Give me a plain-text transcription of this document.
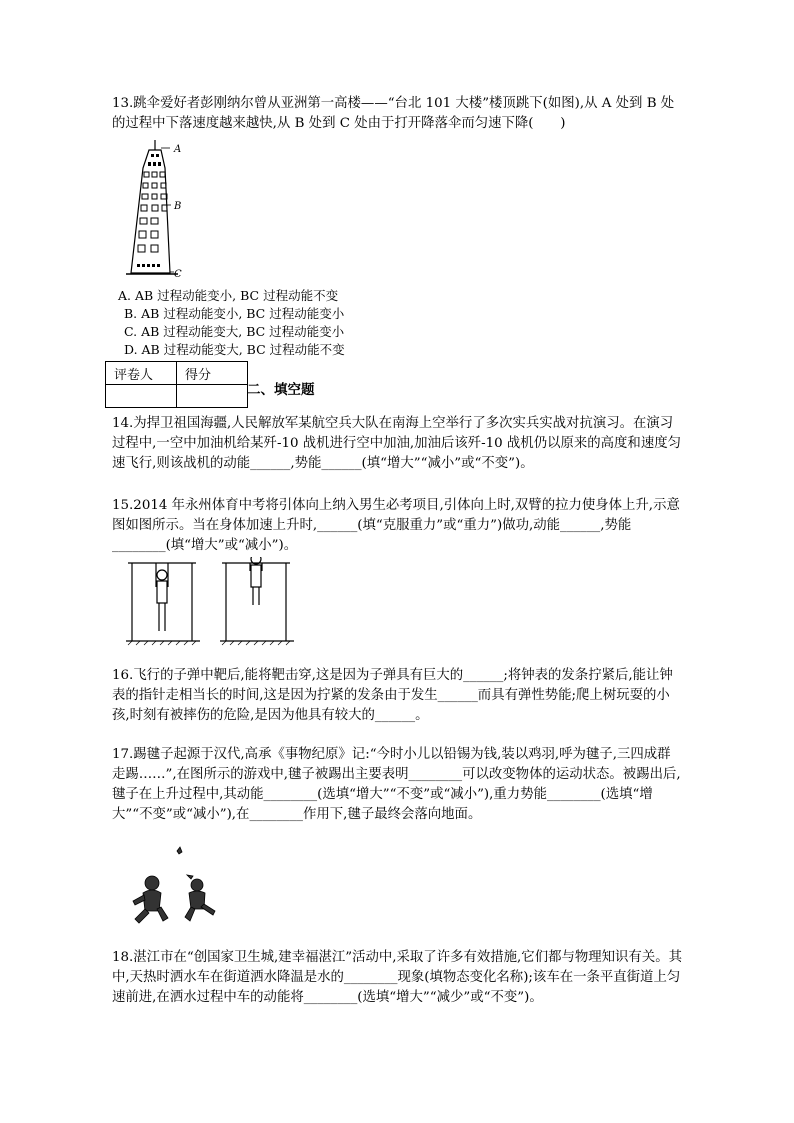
13.跳伞爱好者彭刚纳尔曾从亚洲第一高楼——“台北 101 大楼”楼顶跳下(如图),从 A 处到 B 处的过程中下落速度越来越快,从 B 处到 C 处由于打开降落伞而匀速下降(　　)

A
B
C
A. AB 过程动能变小, BC 过程动能不变
B. AB 过程动能变小, BC 过程动能变小
C. AB 过程动能变大, BC 过程动能变小
D. AB 过程动能变大, BC 过程动能不变
评卷人	得分

二、填空题

14.为捍卫祖国海疆,人民解放军某航空兵大队在南海上空举行了多次实兵实战对抗演习。在演习过程中,一空中加油机给某歼-10 战机进行空中加油,加油后该歼-10 战机仍以原来的高度和速度匀速飞行,则该战机的动能______,势能______(填“增大”“减小”或“不变”)。

15.2014 年永州体育中考将引体向上纳入男生必考项目,引体向上时,双臂的拉力使身体上升,示意图如图所示。当在身体加速上升时,______(填“克服重力”或“重力”)做功,动能______,势能________(填“增大”或“减小”)。

16.飞行的子弹中靶后,能将靶击穿,这是因为子弹具有巨大的______;将钟表的发条拧紧后,能让钟表的指针走相当长的时间,这是因为拧紧的发条由于发生______而具有弹性势能;爬上树玩耍的小孩,时刻有被摔伤的危险,是因为他具有较大的______。

17.踢毽子起源于汉代,高承《事物纪原》记:“今时小儿以铅锡为钱,装以鸡羽,呼为毽子,三四成群走踢……”,在图所示的游戏中,毽子被踢出主要表明________可以改变物体的运动状态。被踢出后,毽子在上升过程中,其动能________(选填“增大”“不变”或“减小”),重力势能________(选填“增大”“不变”或“减小”),在________作用下,毽子最终会落向地面。

18.湛江市在“创国家卫生城,建幸福湛江”活动中,采取了许多有效措施,它们都与物理知识有关。其中,天热时洒水车在街道洒水降温是水的________现象(填物态变化名称);该车在一条平直街道上匀速前进,在洒水过程中车的动能将________(选填“增大”“减少”或“不变”)。
